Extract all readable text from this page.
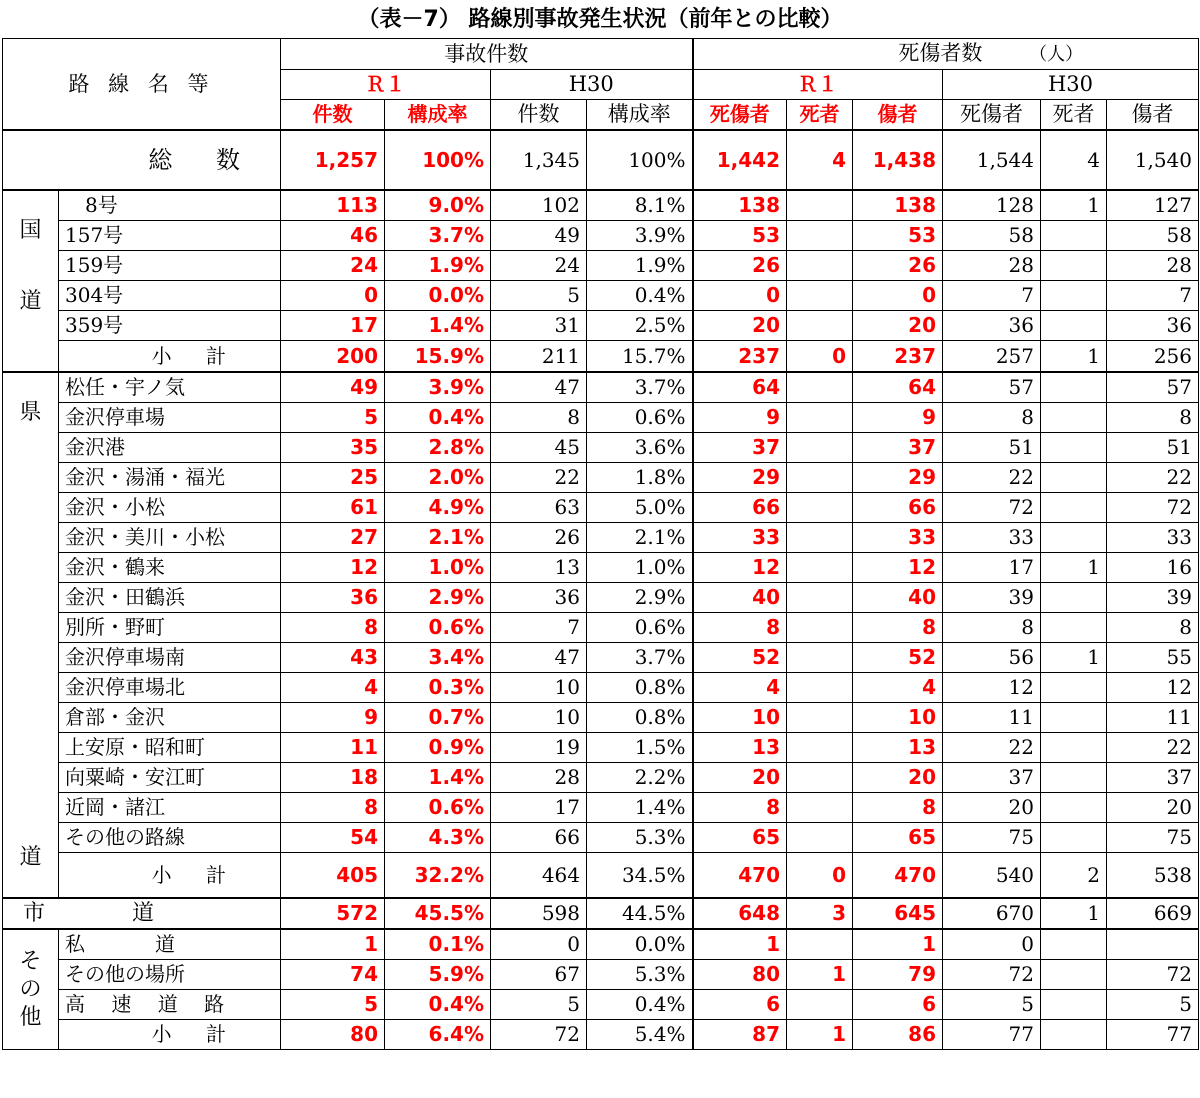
（表－7） 路線別事故発生状況（前年との比較）
路 線 名 等		事故件数				死傷者数 （人）					
		Ｒ１		H30		Ｒ１			H30		
		件数	構成率	件数	構成率	死傷者	死者	傷者	死傷者	死者	傷者
総 数		1,257	100%	1,345	100%	1,442	4	1,438	1,544	4	1,540

国
道	　8号	113	9.0%	102	8.1%	138		138	128	1	127
	157号	46	3.7%	49	3.9%	53		53	58		58
	159号	24	1.9%	24	1.9%	26		26	28		28
	304号	0	0.0%	5	0.4%	0		0	7		7
	359号	17	1.4%	31	2.5%	20		20	36		36
	小 計	200	15.9%	211	15.7%	237	0	237	257	1	256

県
道	松任・宇ノ気	49	3.9%	47	3.7%	64		64	57		57
	金沢停車場	5	0.4%	8	0.6%	9		9	8		8
	金沢港	35	2.8%	45	3.6%	37		37	51		51
	金沢・湯涌・福光	25	2.0%	22	1.8%	29		29	22		22
	金沢・小松	61	4.9%	63	5.0%	66		66	72		72
	金沢・美川・小松	27	2.1%	26	2.1%	33		33	33		33
	金沢・鶴来	12	1.0%	13	1.0%	12		12	17	1	16
	金沢・田鶴浜	36	2.9%	36	2.9%	40		40	39		39
	別所・野町	8	0.6%	7	0.6%	8		8	8		8
	金沢停車場南	43	3.4%	47	3.7%	52		52	56	1	55
	金沢停車場北	4	0.3%	10	0.8%	4		4	12		12
	倉部・金沢	9	0.7%	10	0.8%	10		10	11		11
	上安原・昭和町	11	0.9%	19	1.5%	13		13	22		22
	向粟崎・安江町	18	1.4%	28	2.2%	20		20	37		37
	近岡・諸江	8	0.6%	17	1.4%	8		8	20		20
	その他の路線	54	4.3%	66	5.3%	65		65	75		75
	小 計	405	32.2%	464	34.5%	470	0	470	540	2	538
市 道		572	45.5%	598	44.5%	648	3	645	670	1	669

そ
の
他	私　　道	1	0.1%	0	0.0%	1		1	0		
	その他の場所	74	5.9%	67	5.3%	80	1	79	72		72
	高 速 道 路	5	0.4%	5	0.4%	6		6	5		5
	小 計	80	6.4%	72	5.4%	87	1	86	77		77
